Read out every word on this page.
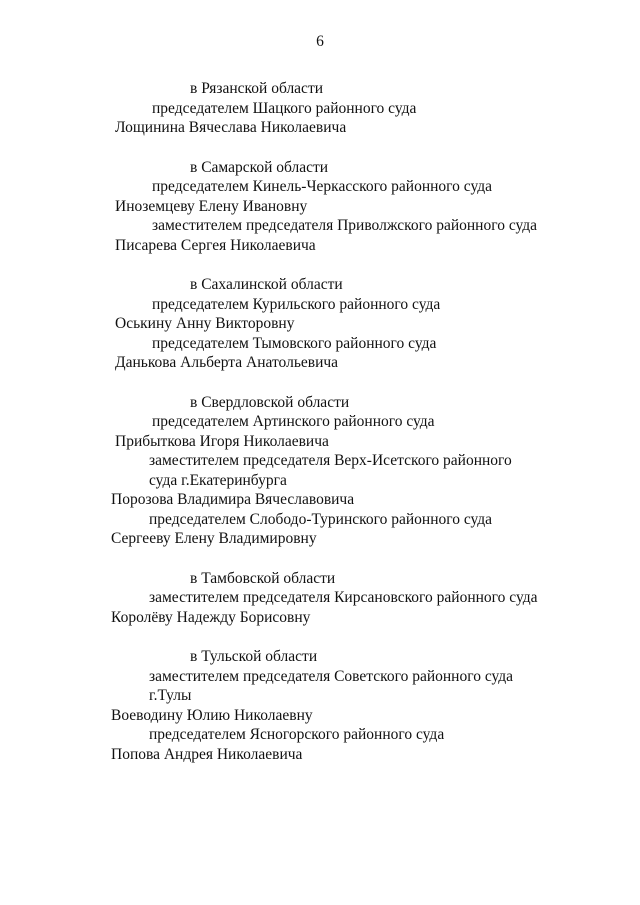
6
в Рязанской области
председателем Шацкого районного суда
Лощинина Вячеслава Николаевича
в Самарской области
председателем Кинель-Черкасского районного суда
Иноземцеву Елену Ивановну
заместителем председателя Приволжского районного суда
Писарева Сергея Николаевича
в Сахалинской области
председателем Курильского районного суда
Оськину Анну Викторовну
председателем Тымовского районного суда
Данькова Альберта Анатольевича
в Свердловской области
председателем Артинского районного суда
Прибыткова Игоря Николаевича
заместителем председателя Верх-Исетского районного
суда г.Екатеринбурга
Порозова Владимира Вячеславовича
председателем Слободо-Туринского районного суда
Сергееву Елену Владимировну
в Тамбовской области
заместителем председателя Кирсановского районного суда
Королёву Надежду Борисовну
в Тульской области
заместителем председателя Советского районного суда
г.Тулы
Воеводину Юлию Николаевну
председателем Ясногорского районного суда
Попова Андрея Николаевича
